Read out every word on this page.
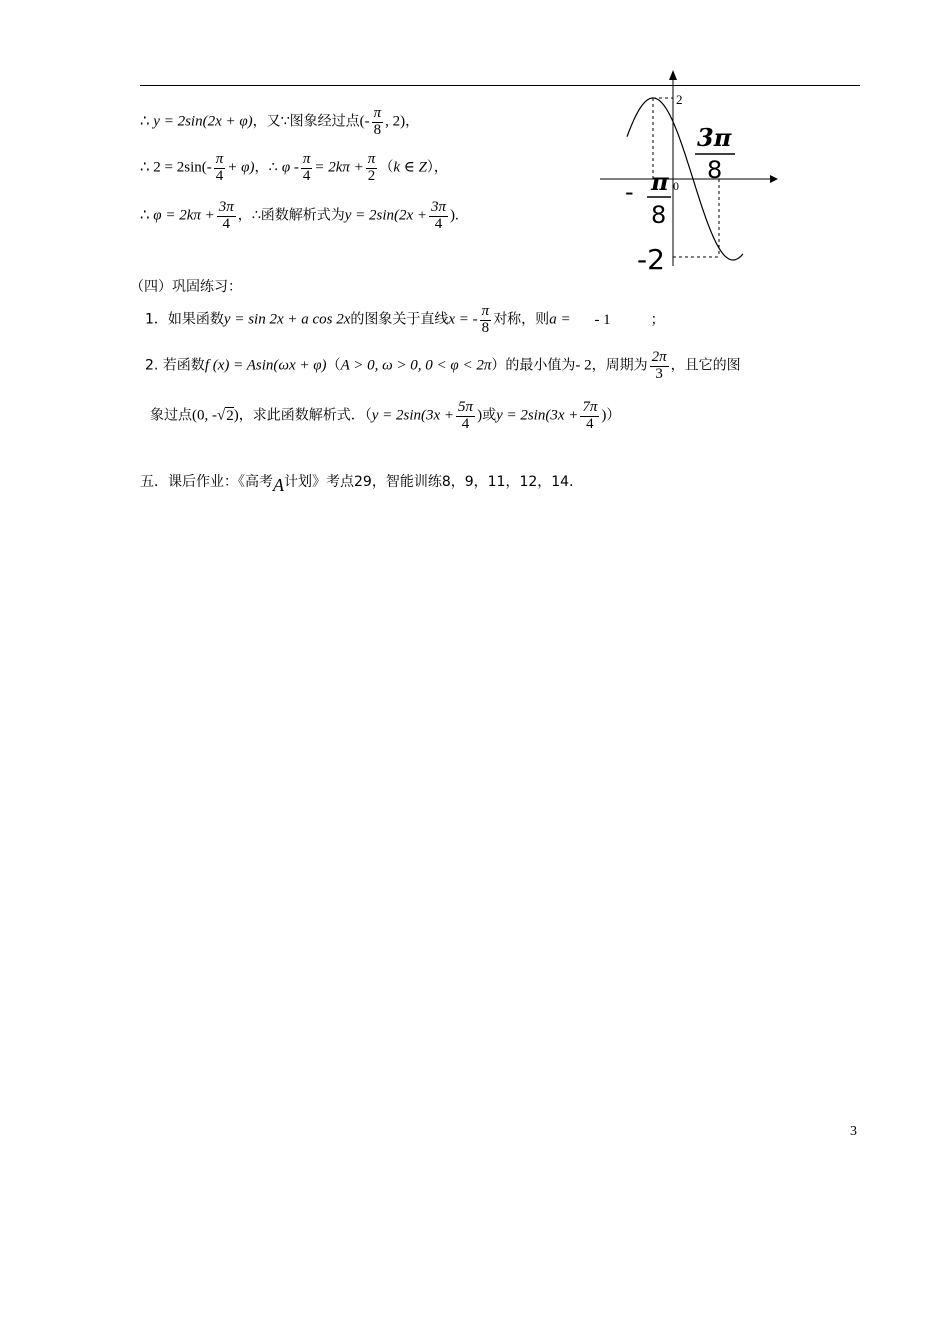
∴ y = 2sin(2x + φ)，又∵图象经过点(- $\frac{\pi}{8}$ , 2)，
∴ $2 = 2\sin(- \frac{\pi}{4} + \varphi)$，∴ $\varphi - \frac{\pi}{4} = 2k\pi + \frac{\pi}{2} (k$ ∈ Z），
∴ $\varphi = 2k\pi + \frac{3\pi}{4}$ ，∴函数解析式为$y = 2\sin(2x + \frac{3\pi}{4}$ ).
2
0
3π
8
- π
8
-2
（四）巩固练习：
1．如果函数y = sin 2x + a cos 2x的图象关于直线x = - $\frac{\pi}{8}$ 对称，则a = - 1	；
2. 若函数f (x) = Asin(ωx + φ)（A > 0, ω > 0, 0 < φ < 2π）的最小值为- 2，周期为 $\frac{2\pi}{3}$ ，且它的图
象过点(0, -√2)，求此函数解析式．（$y = 2\sin(3x + \frac{5\pi}{4}$ )或$y = 2\sin(3x + \frac{7\pi}{4}$ )）
五．课后作业：《高考A计划》考点29，智能训练8，9，11，12，14．
3
